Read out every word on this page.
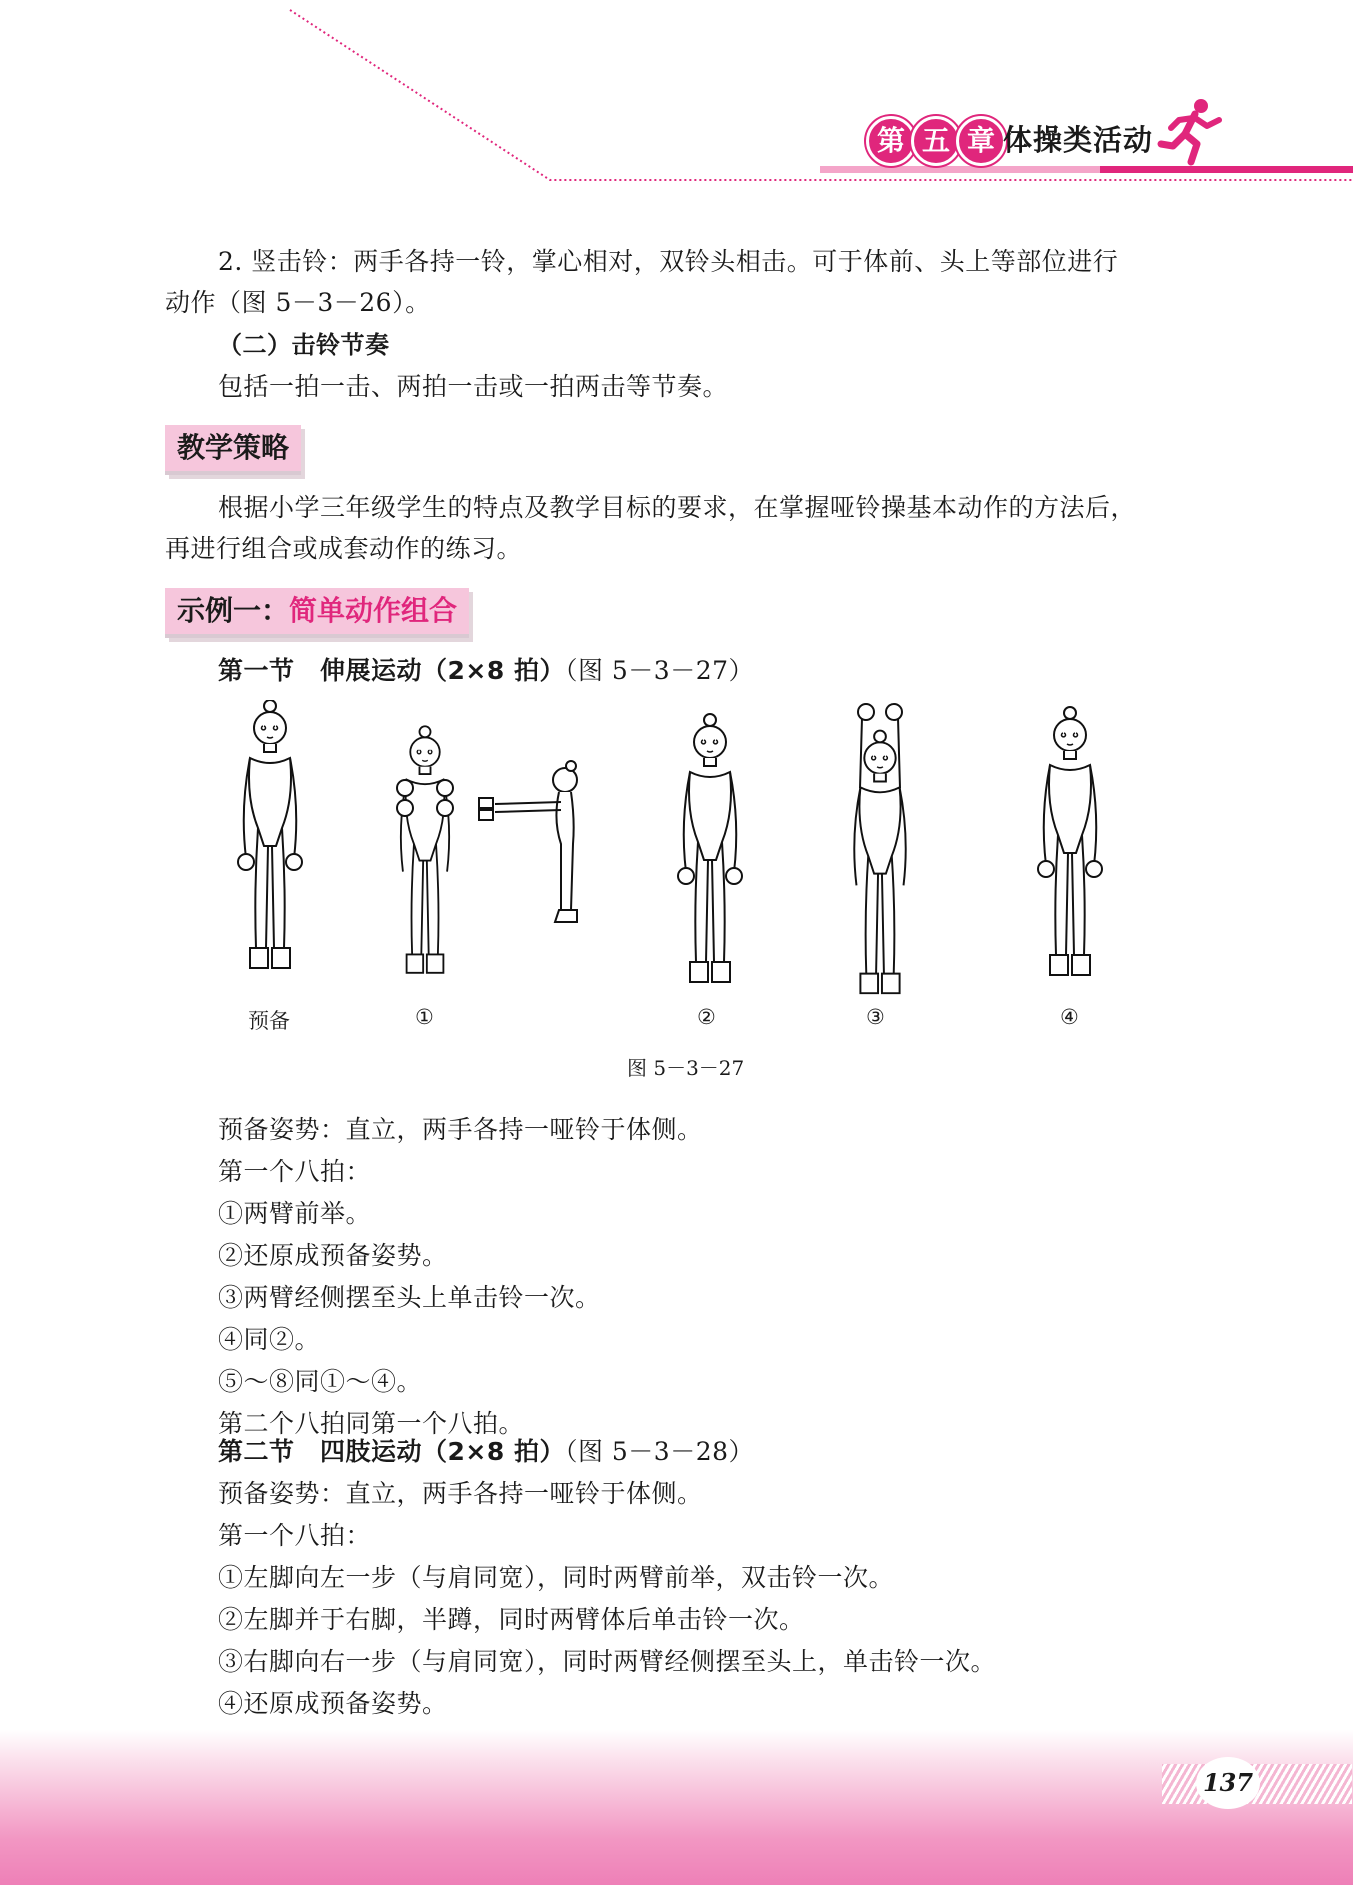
第 五 章 体操类活动
2. 竖击铃：两手各持一铃，掌心相对，双铃头相击。可于体前、头上等部位进行
动作（图 5－3－26）。
（二）击铃节奏
包括一拍一击、两拍一击或一拍两击等节奏。
教学策略
根据小学三年级学生的特点及教学目标的要求，在掌握哑铃操基本动作的方法后，
再进行组合或成套动作的练习。
示例一：简单动作组合
第一节　伸展运动（2×8 拍）（图 5－3－27）
预备	①	②	③	④
图 5－3－27
预备姿势：直立，两手各持一哑铃于体侧。
第一个八拍：
①两臂前举。
②还原成预备姿势。
③两臂经侧摆至头上单击铃一次。
④同②。
⑤～⑧同①～④。
第二个八拍同第一个八拍。
第二节　四肢运动（2×8 拍）（图 5－3－28）
预备姿势：直立，两手各持一哑铃于体侧。
第一个八拍：
①左脚向左一步（与肩同宽），同时两臂前举，双击铃一次。
②左脚并于右脚，半蹲，同时两臂体后单击铃一次。
③右脚向右一步（与肩同宽），同时两臂经侧摆至头上，单击铃一次。
④还原成预备姿势。
137
